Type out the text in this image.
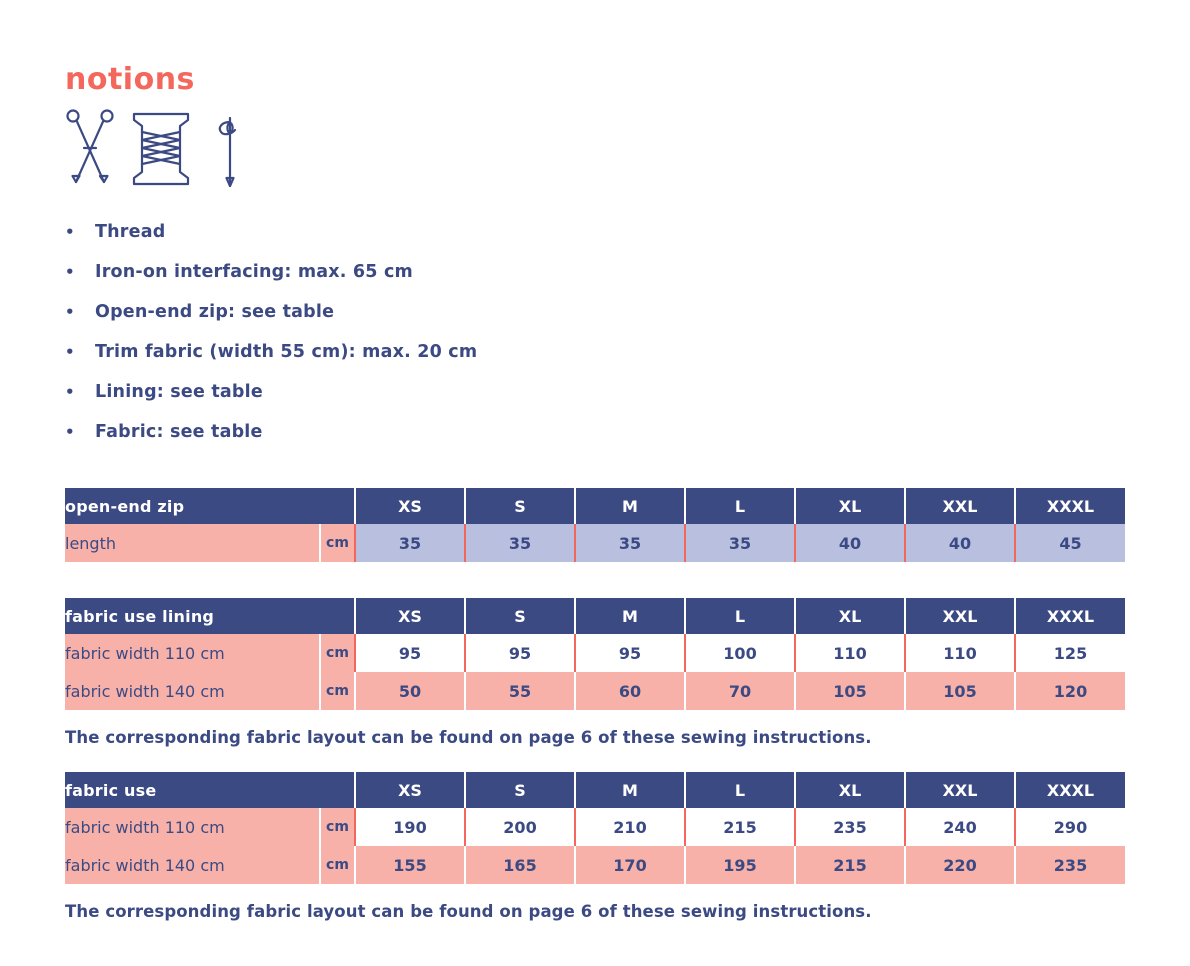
notions
•	Thread
•	Iron-on interfacing: max. 65 cm
•	Open-end zip: see table
•	Trim fabric (width 55 cm): max. 20 cm
•	Lining: see table
•	Fabric: see table
open-end zip		XS	S	M	L	XL	XXL	XXXL
length	cm	35	35	35	35	40	40	45
fabric use lining		XS	S	M	L	XL	XXL	XXXL
fabric width 110 cm	cm	95	95	95	100	110	110	125
fabric width 140 cm	cm	50	55	60	70	105	105	120
The corresponding fabric layout can be found on page 6 of these sewing instructions.
fabric use		XS	S	M	L	XL	XXL	XXXL
fabric width 110 cm	cm	190	200	210	215	235	240	290
fabric width 140 cm	cm	155	165	170	195	215	220	235
The corresponding fabric layout can be found on page 6 of these sewing instructions.
